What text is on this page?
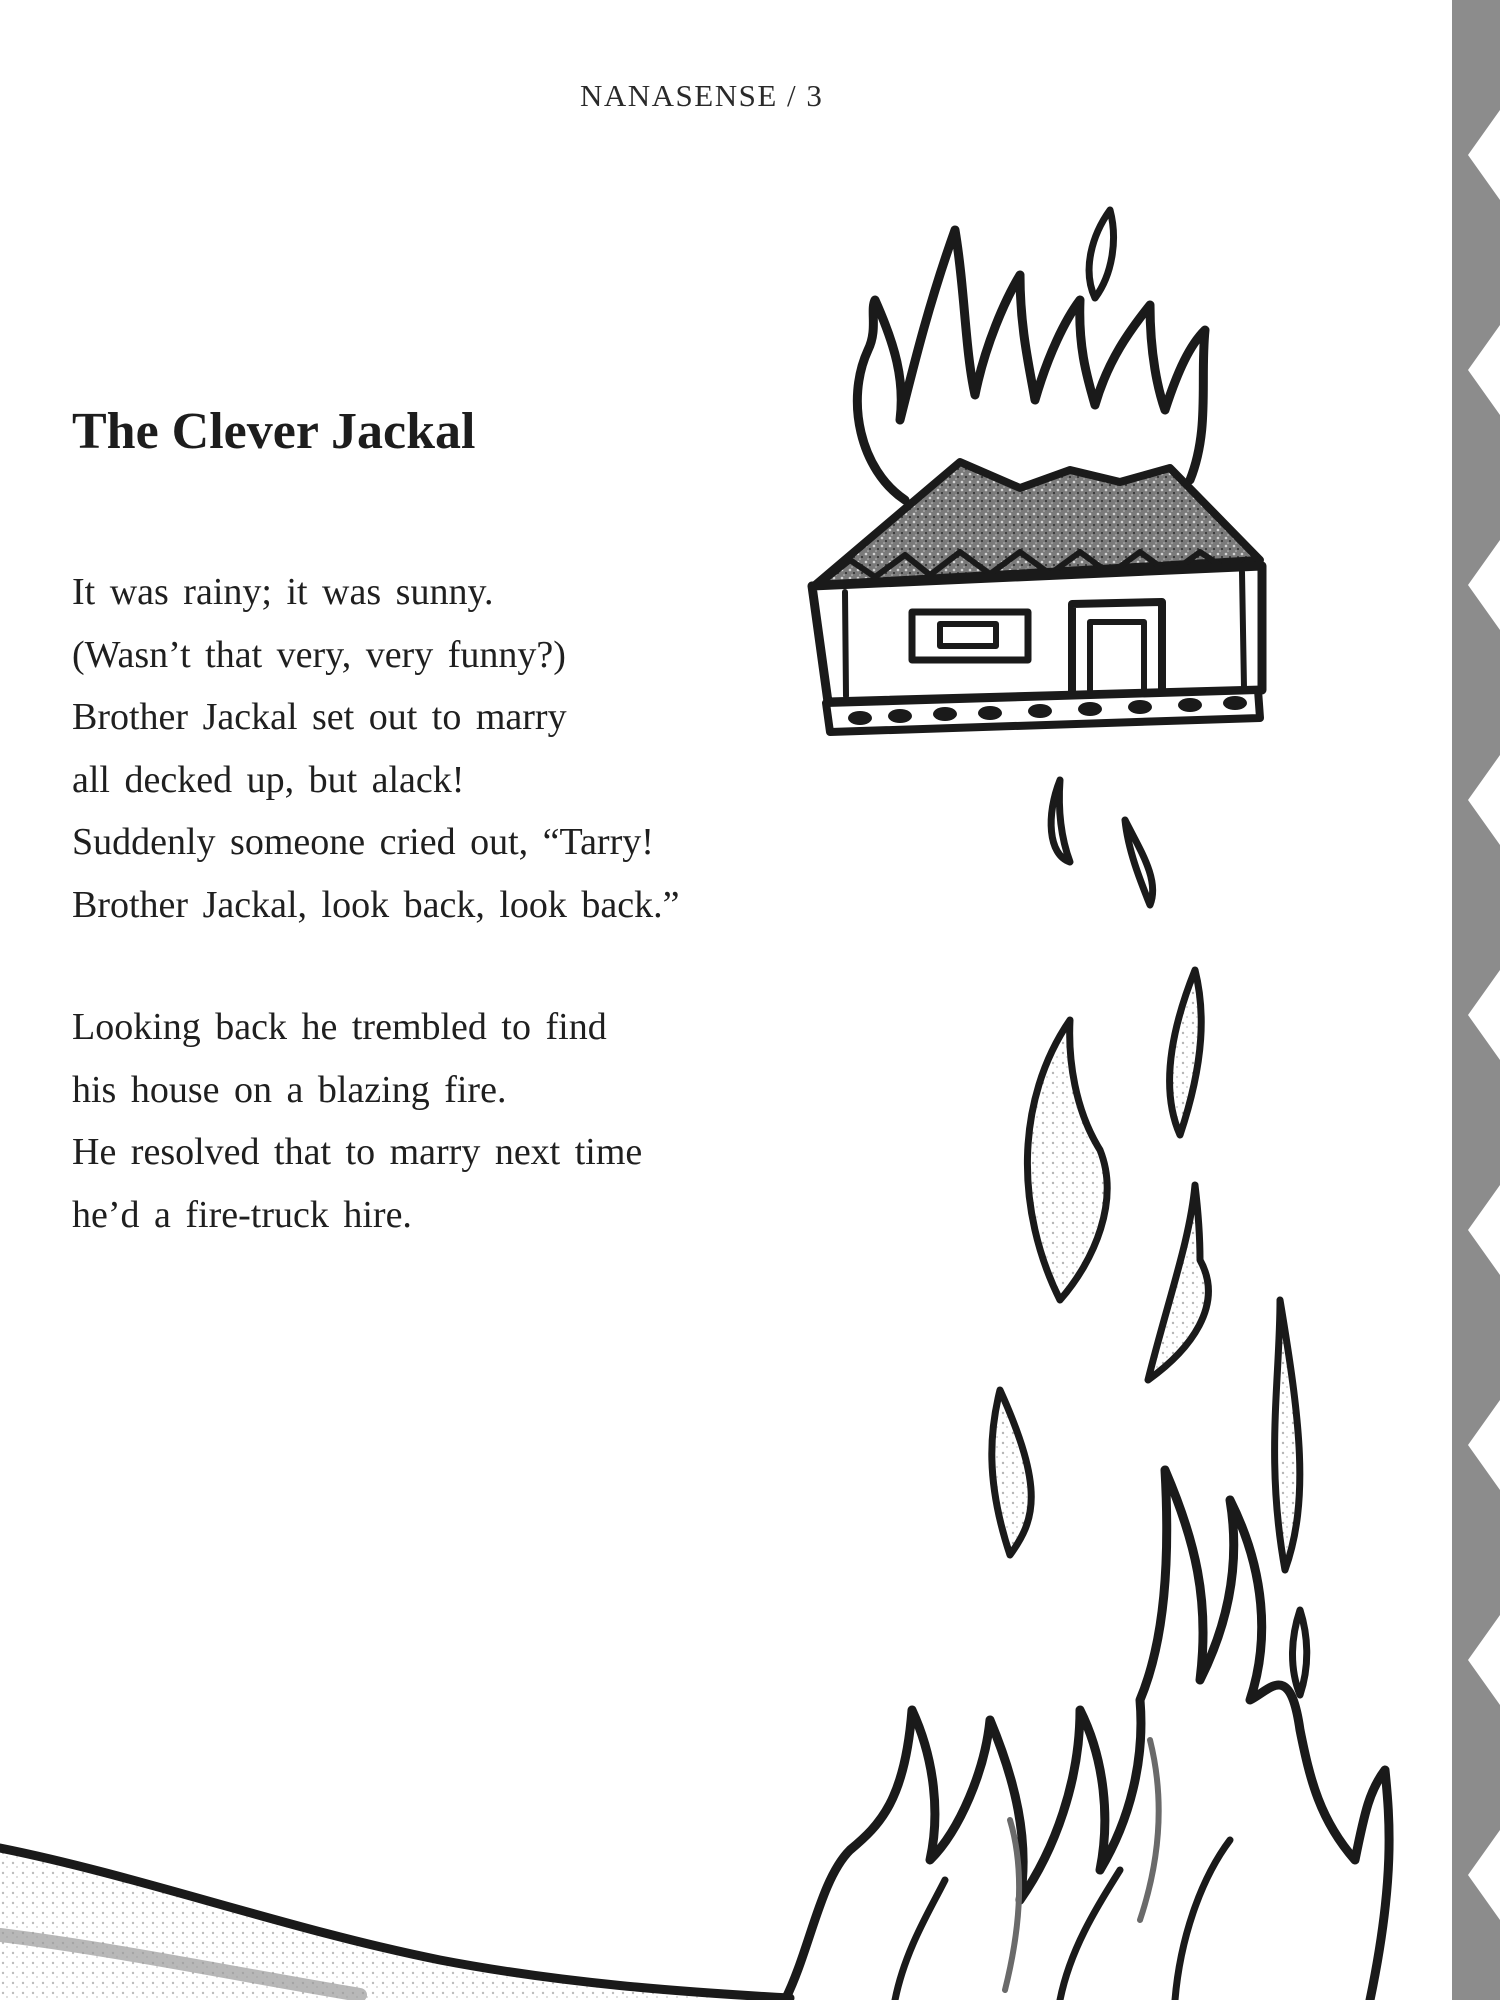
NANASENSE / 3
The Clever Jackal

It was rainy; it was sunny.
(Wasn’t that very, very funny?)
Brother Jackal set out to marry
all decked up, but alack!
Suddenly someone cried out, “Tarry!
Brother Jackal, look back, look back.”

Looking back he trembled to find
his house on a blazing fire.
He resolved that to marry next time
he’d a fire-truck hire.
